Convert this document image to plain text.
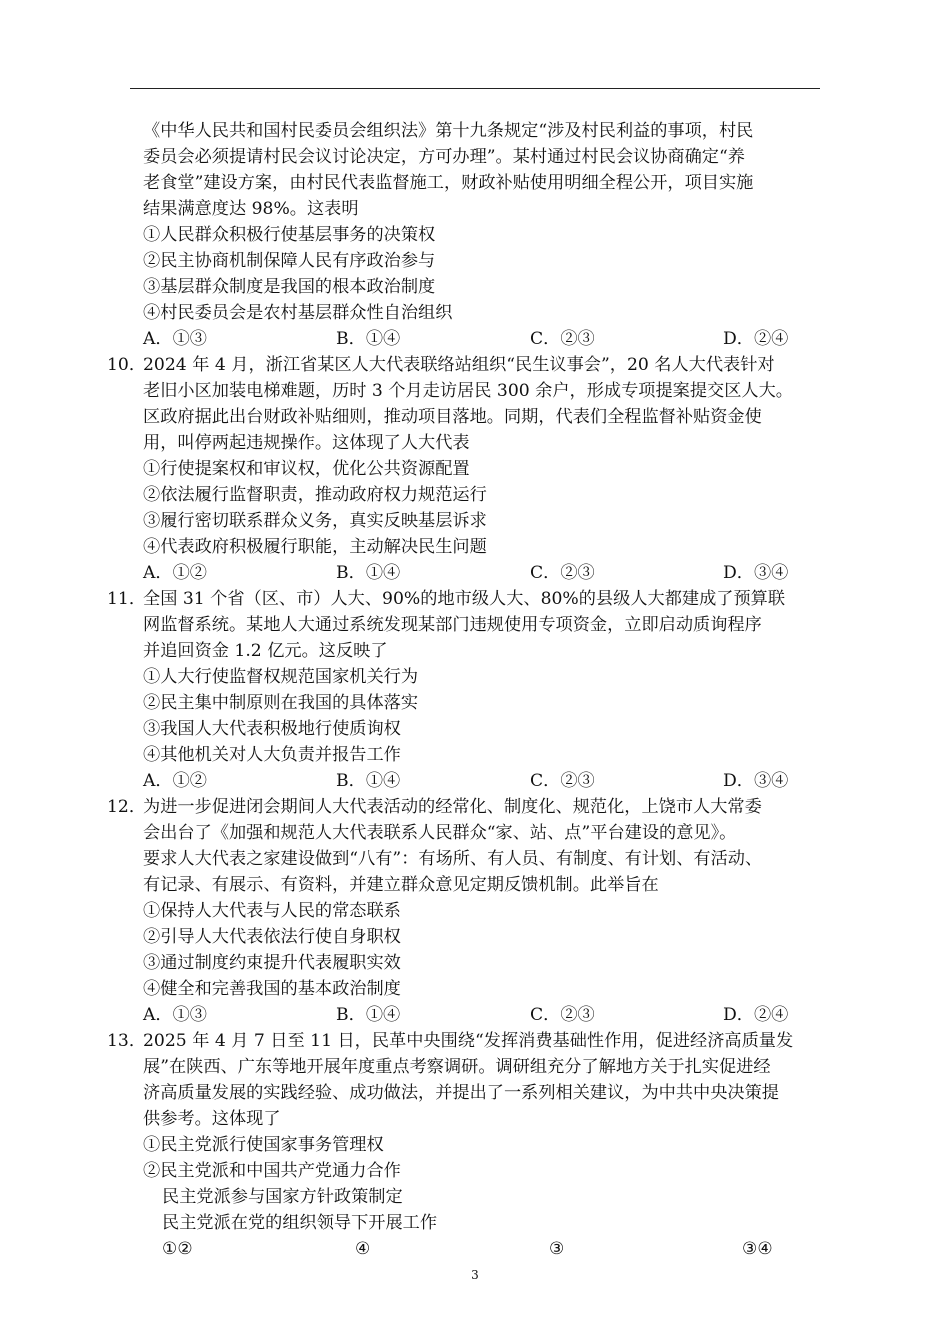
《中华人民共和国村民委员会组织法》第十九条规定“涉及村民利益的事项，村民
委员会必须提请村民会议讨论决定，方可办理”。某村通过村民会议协商确定“养
老食堂”建设方案，由村民代表监督施工，财政补贴使用明细全程公开，项目实施
结果满意度达 98%。这表明
①人民群众积极行使基层事务的决策权
②民主协商机制保障人民有序政治参与
③基层群众制度是我国的根本政治制度
④村民委员会是农村基层群众性自治组织
A．①③	B．①④	C．②③	D．②④
10．
2024 年 4 月，浙江省某区人大代表联络站组织“民生议事会”，20 名人大代表针对
老旧小区加装电梯难题，历时 3 个月走访居民 300 余户，形成专项提案提交区人大。
区政府据此出台财政补贴细则，推动项目落地。同期，代表们全程监督补贴资金使
用，叫停两起违规操作。这体现了人大代表
①行使提案权和审议权，优化公共资源配置
②依法履行监督职责，推动政府权力规范运行
③履行密切联系群众义务，真实反映基层诉求
④代表政府积极履行职能，主动解决民生问题
A．①②	B．①④	C．②③	D．③④
11．
全国 31 个省（区、市）人大、90%的地市级人大、80%的县级人大都建成了预算联
网监督系统。某地人大通过系统发现某部门违规使用专项资金，立即启动质询程序
并追回资金 1.2 亿元。这反映了
①人大行使监督权规范国家机关行为
②民主集中制原则在我国的具体落实
③我国人大代表积极地行使质询权
④其他机关对人大负责并报告工作
A．①②	B．①④	C．②③	D．③④
12．
为进一步促进闭会期间人大代表活动的经常化、制度化、规范化，上饶市人大常委
会出台了《加强和规范人大代表联系人民群众“家、站、点”平台建设的意见》。
要求人大代表之家建设做到“八有”：有场所、有人员、有制度、有计划、有活动、
有记录、有展示、有资料，并建立群众意见定期反馈机制。此举旨在
①保持人大代表与人民的常态联系
②引导人大代表依法行使自身职权
③通过制度约束提升代表履职实效
④健全和完善我国的基本政治制度
A．①③	B．①④	C．②③	D．②④
13．
2025 年 4 月 7 日至 11 日，民革中央围绕“发挥消费基础性作用，促进经济高质量发
展”在陕西、广东等地开展年度重点考察调研。调研组充分了解地方关于扎实促进经
济高质量发展的实践经验、成功做法，并提出了一系列相关建议，为中共中央决策提
供参考。这体现了
①民主党派行使国家事务管理权
②民主党派和中国共产党通力合作
民主党派参与国家方针政策制定
民主党派在党的组织领导下开展工作
①②	④	③	③④
3
